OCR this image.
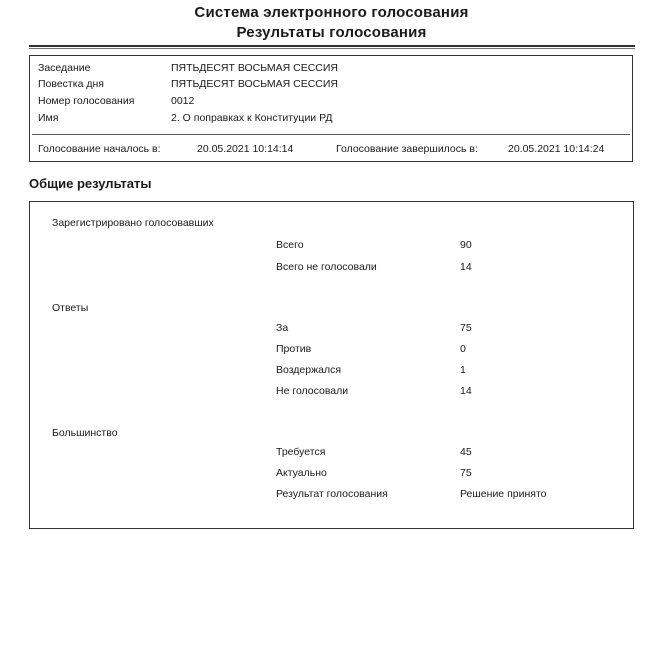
Система электронного голосования
Результаты голосования
Заседание	ПЯТЬДЕСЯТ ВОСЬМАЯ СЕССИЯ
Повестка дня	ПЯТЬДЕСЯТ ВОСЬМАЯ СЕССИЯ
Номер голосования	0012
Имя	2. О поправках к Конституции РД
Голосование началось в:	20.05.2021 10:14:14	Голосование завершилось в:	20.05.2021 10:14:24
Общие результаты
Зарегистрировано голосовавших
Всего	90
Всего не голосовали	14
Ответы
За	75
Против	0
Воздержался	1
Не голосовали	14
Большинство
Требуется	45
Актуально	75
Результат голосования	Решение принято
